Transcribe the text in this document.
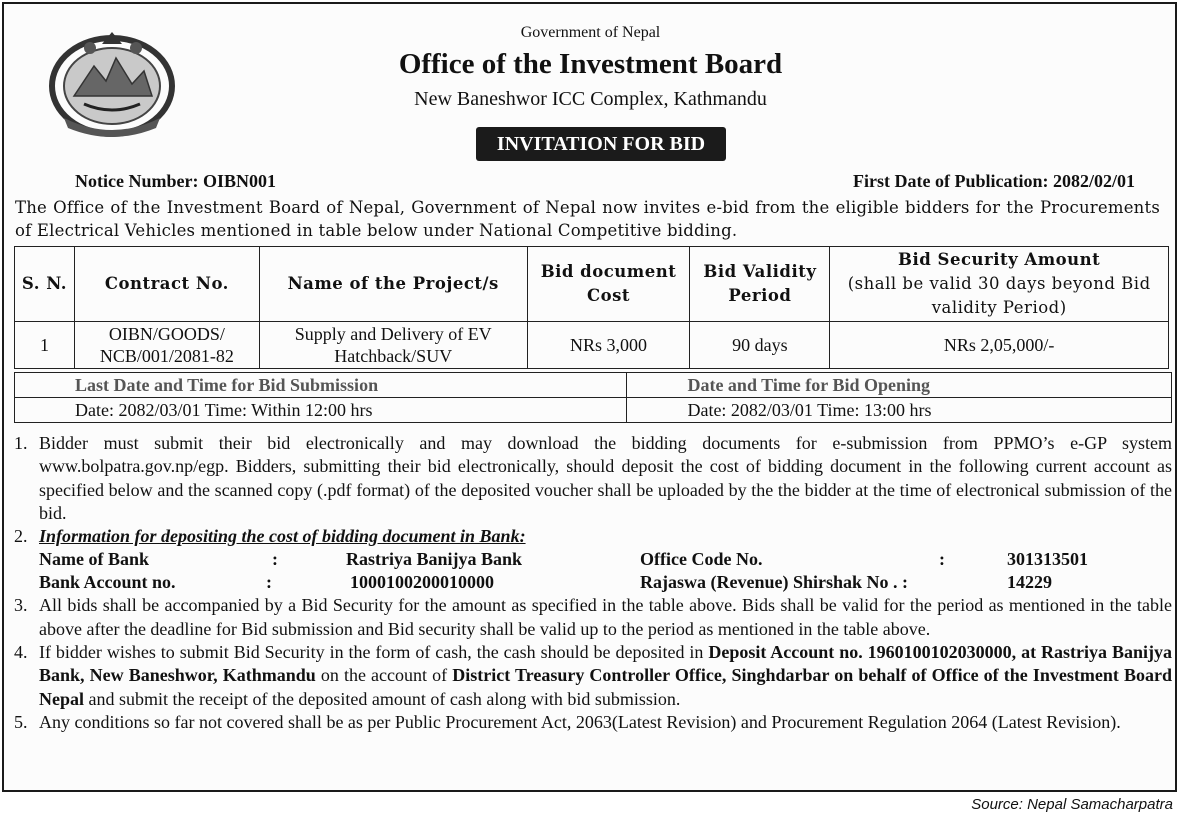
Government of Nepal
Office of the Investment Board
New Baneshwor ICC Complex, Kathmandu
INVITATION FOR BID
Notice Number: OIBN001	First Date of Publication: 2082/02/01
The Office of the Investment Board of Nepal, Government of Nepal now invites e-bid from the eligible bidders for the Procurements of Electrical Vehicles mentioned in table below under National Competitive bidding.
S. N.	Contract No.	Name of the Project/s	Bid document Cost	Bid Validity Period	Bid Security Amount
(shall be valid 30 days beyond Bid validity Period)

1	OIBN/GOODS/ NCB/001/2081-82	Supply and Delivery of EV Hatchback/SUV	NRs 3,000	90 days	NRs 2,05,000/-
Last Date and Time for Bid Submission	Date and Time for Bid Opening
Date: 2082/03/01 Time: Within 12:00 hrs	Date: 2082/03/01 Time: 13:00 hrs
1. Bidder must submit their bid electronically and may download the bidding documents for e-submission from PPMO’s e-GP system www.bolpatra.gov.np/egp. Bidders, submitting their bid electronically, should deposit the cost of bidding document in the following current account as specified below and the scanned copy (.pdf format) of the deposited voucher shall be uploaded by the the bidder at the time of electronical submission of the bid.
2. Information for depositing the cost of bidding document in Bank:
Name of Bank	:	Rastriya Banijya Bank	Office Code No.	:	301313501
Bank Account no.	:	1000100200010000	Rajaswa (Revenue) Shirshak No . :	14229
3. All bids shall be accompanied by a Bid Security for the amount as specified in the table above. Bids shall be valid for the period as mentioned in the table above after the deadline for Bid submission and Bid security shall be valid up to the period as mentioned in the table above.
4. If bidder wishes to submit Bid Security in the form of cash, the cash should be deposited in Deposit Account no. 1960100102030000, at Rastriya Banijya Bank, New Baneshwor, Kathmandu on the account of District Treasury Controller Office, Singhdarbar on behalf of Office of the Investment Board Nepal and submit the receipt of the deposited amount of cash along with bid submission.
5. Any conditions so far not covered shall be as per Public Procurement Act, 2063(Latest Revision) and Procurement Regulation 2064 (Latest Revision).
Source: Nepal Samacharpatra
